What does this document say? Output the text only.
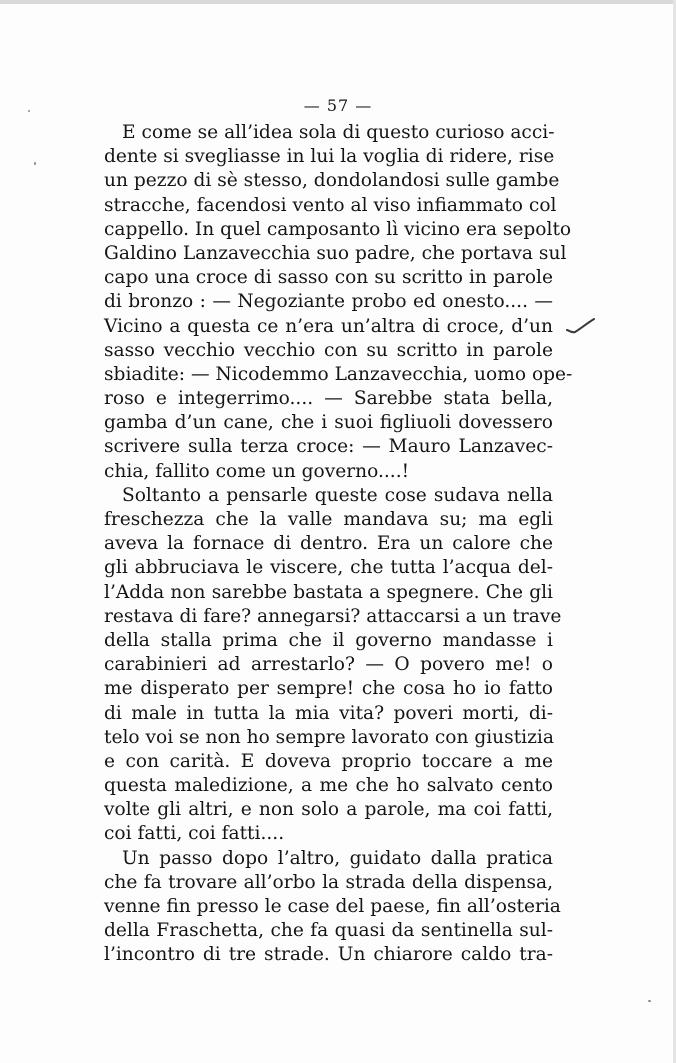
— 57 —
E come se all’idea sola di questo curioso acci-
dente si svegliasse in lui la voglia di ridere, rise
un pezzo di sè stesso, dondolandosi sulle gambe
stracche, facendosi vento al viso infiammato col
cappello. In quel camposanto lì vicino era sepolto
Galdino Lanzavecchia suo padre, che portava sul
capo una croce di sasso con su scritto in parole
di bronzo : — Negoziante probo ed onesto.... —
Vicino a questa ce n’era un’altra di croce, d’un
sasso vecchio vecchio con su scritto in parole
sbiadite: — Nicodemmo Lanzavecchia, uomo ope-
roso e integerrimo.... — Sarebbe stata bella,
gamba d’un cane, che i suoi figliuoli dovessero
scrivere sulla terza croce: — Mauro Lanzavec-
chia, fallito come un governo....!
Soltanto a pensarle queste cose sudava nella
freschezza che la valle mandava su; ma egli
aveva la fornace di dentro. Era un calore che
gli abbruciava le viscere, che tutta l’acqua del-
l’Adda non sarebbe bastata a spegnere. Che gli
restava di fare? annegarsi? attaccarsi a un trave
della stalla prima che il governo mandasse i
carabinieri ad arrestarlo? — O povero me! o
me disperato per sempre! che cosa ho io fatto
di male in tutta la mia vita? poveri morti, di-
telo voi se non ho sempre lavorato con giustizia
e con carità. E doveva proprio toccare a me
questa maledizione, a me che ho salvato cento
volte gli altri, e non solo a parole, ma coi fatti,
coi fatti, coi fatti....
Un passo dopo l’altro, guidato dalla pratica
che fa trovare all’orbo la strada della dispensa,
venne fin presso le case del paese, fin all’osteria
della Fraschetta, che fa quasi da sentinella sul-
l’incontro di tre strade. Un chiarore caldo tra-
